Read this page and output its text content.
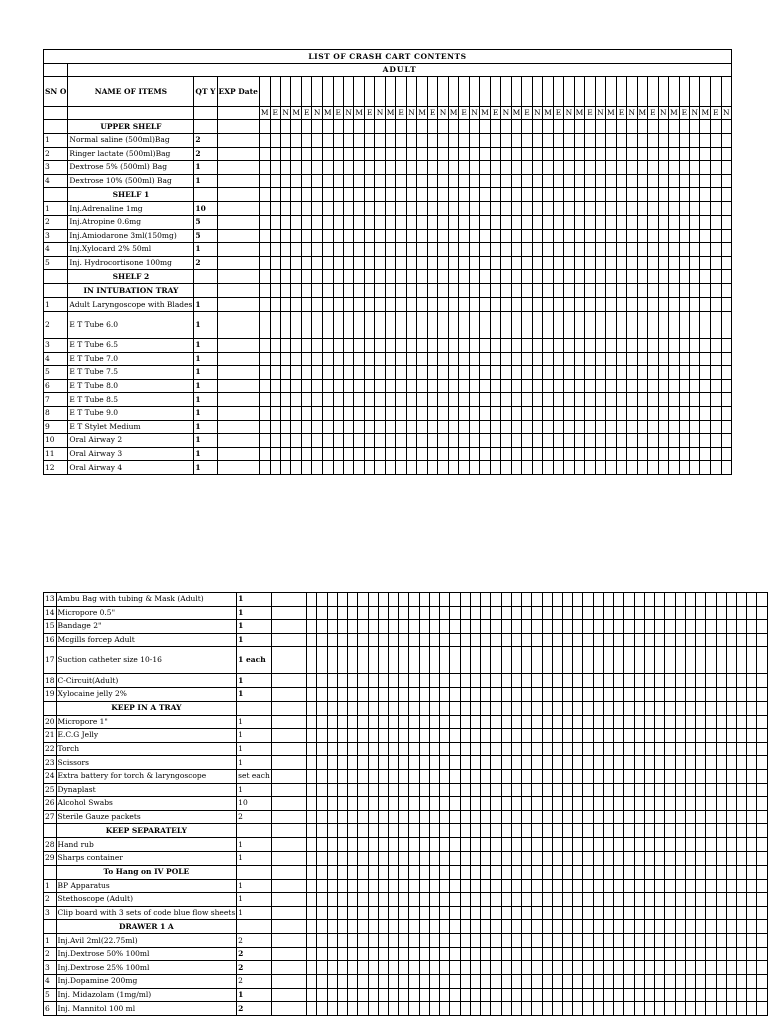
LIST OF CRASH CART CONTENTS																																																
	ADULT																																															
SN O	NAME OF ITEMS	QT Y	EXP Date																																													
				M	E	N	M	E	N	M	E	N	M	E	N	M	E	N	M	E	N	M	E	N	M	E	N	M	E	N	M	E	N	M	E	N	M	E	N	M	E	N	M	E	N	M	E	N
	UPPER SHELF																																															
1	Normal saline (500ml)Bag	2																																														
2	Ringer lactate (500ml)Bag	2																																														
3	Dextrose 5% (500ml) Bag	1																																														
4	Dextrose 10% (500ml) Bag	1																																														
	SHELF 1																																															
1	Inj.Adrenaline 1mg	10																																														
2	Inj.Atropine 0.6mg	5																																														
3	Inj.Amiodarone 3ml(150mg)	5																																														
4	Inj.Xylocard 2% 50ml	1																																														
5	Inj. Hydrocortisone 100mg	2																																														
	SHELF 2																																															
	IN INTUBATION TRAY																																															
1	Adult Laryngoscope with Blades	1																																														
2	E T Tube 6.0	1																																														
3	E T Tube 6.5	1																																														
4	E T Tube 7.0	1																																														
5	E T Tube 7.5	1																																														
6	E T Tube 8.0	1																																														
7	E T Tube 8.5	1																																														
8	E T Tube 9.0	1																																														
9	E T Stylet Medium	1																																														
10	Oral Airway 2	1																																														
11	Oral Airway 3	1																																														
12	Oral Airway 4	1																																														
13	Ambu Bag with tubing & Mask (Adult)	1																																														
14	Micropore 0.5"	1																																														
15	Bandage 2"	1																																														
16	Mcgills forcep Adult	1																																														
17	Suction catheter size 10-16	1 each																																														
18	C-Circuit(Adult)	1																																														
19	Xylocaine jelly 2%	1																																														
	KEEP IN A TRAY																																															
20	Micropore 1"	1																																														
21	E.C.G Jelly	1																																														
22	Torch	1																																														
23	Scissors	1																																														
24	Extra battery for torch & laryngoscope	set each																																														
25	Dynaplast	1																																														
26	Alcohol Swabs	10																																														
27	Sterile Gauze packets	2																																														
	KEEP SEPARATELY																																															
28	Hand rub	1																																														
29	Sharps container	1																																														
	To Hang on IV POLE																																															
1	BP Apparatus	1																																														
2	Stethoscope (Adult)	1																																														
3	Clip board with 3 sets of code blue flow sheets	1																																														
	DRAWER 1 A																																															
1	Inj.Avil 2ml(22.75ml)	2																																														
2	Inj.Dextrose 50% 100ml	2																																														
3	Inj.Dextrose 25% 100ml	2																																														
4	Inj.Dopamine 200mg	2																																														
5	Inj. Midazolam (1mg/ml)	1																																														
6	Inj. Mannitol 100 ml	2																																														
